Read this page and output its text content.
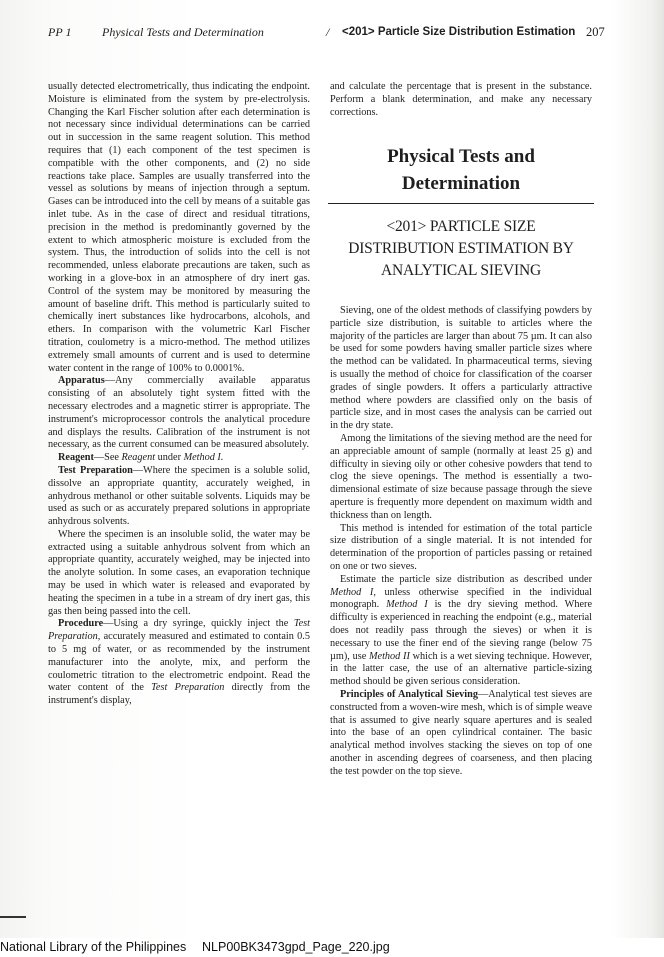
PP 1	Physical Tests and Determination	/ <201> Particle Size Distribution Estimation 207

usually detected electrometrically, thus indicating the endpoint. Moisture is eliminated from the system by pre-electrolysis. Changing the Karl Fischer solution after each determination is not necessary since individual determinations can be carried out in succession in the same reagent solution. This method requires that (1) each component of the test specimen is compatible with the other components, and (2) no side reactions take place. Samples are usually transferred into the vessel as solutions by means of injection through a septum. Gases can be introduced into the cell by means of a suitable gas inlet tube. As in the case of direct and residual titrations, precision in the method is predominantly governed by the extent to which atmospheric moisture is excluded from the system. Thus, the introduction of solids into the cell is not recommended, unless elaborate precautions are taken, such as working in a glove-box in an atmosphere of dry inert gas. Control of the system may be monitored by measuring the amount of baseline drift. This method is particularly suited to chemically inert substances like hydrocarbons, alcohols, and ethers. In comparison with the volumetric Karl Fischer titration, coulometry is a micro-method. The method utilizes extremely small amounts of current and is used to determine water content in the range of 100% to 0.0001%.

Apparatus—Any commercially available apparatus consisting of an absolutely tight system fitted with the necessary electrodes and a magnetic stirrer is appropriate. The instrument's microprocessor controls the analytical procedure and displays the results. Calibration of the instrument is not necessary, as the current consumed can be measured absolutely.

Reagent—See Reagent under Method I.

Test Preparation—Where the specimen is a soluble solid, dissolve an appropriate quantity, accurately weighed, in anhydrous methanol or other suitable solvents. Liquids may be used as such or as accurately prepared solutions in appropriate anhydrous solvents.

Where the specimen is an insoluble solid, the water may be extracted using a suitable anhydrous solvent from which an appropriate quantity, accurately weighed, may be injected into the anolyte solution. In some cases, an evaporation technique may be used in which water is released and evaporated by heating the specimen in a tube in a stream of dry inert gas, this gas then being passed into the cell.

Procedure—Using a dry syringe, quickly inject the Test Preparation, accurately measured and estimated to contain 0.5 to 5 mg of water, or as recommended by the instrument manufacturer into the anolyte, mix, and perform the coulometric titration to the electrometric endpoint. Read the water content of the Test Preparation directly from the instrument's display,

and calculate the percentage that is present in the substance. Perform a blank determination, and make any necessary corrections.

Physical Tests and
Determination
<201> PARTICLE SIZE
DISTRIBUTION ESTIMATION BY
ANALYTICAL SIEVING

Sieving, one of the oldest methods of classifying powders by particle size distribution, is suitable to articles where the majority of the particles are larger than about 75 µm. It can also be used for some powders having smaller particle sizes where the method can be validated. In pharmaceutical terms, sieving is usually the method of choice for classification of the coarser grades of single powders. It offers a particularly attractive method where powders are classified only on the basis of particle size, and in most cases the analysis can be carried out in the dry state.

Among the limitations of the sieving method are the need for an appreciable amount of sample (normally at least 25 g) and difficulty in sieving oily or other cohesive powders that tend to clog the sieve openings. The method is essentially a two-dimensional estimate of size because passage through the sieve aperture is frequently more dependent on maximum width and thickness than on length.

This method is intended for estimation of the total particle size distribution of a single material. It is not intended for determination of the proportion of particles passing or retained on one or two sieves.

Estimate the particle size distribution as described under Method I, unless otherwise specified in the individual monograph. Method I is the dry sieving method. Where difficulty is experienced in reaching the endpoint (e.g., material does not readily pass through the sieves) or when it is necessary to use the finer end of the sieving range (below 75 µm), use Method II which is a wet sieving technique. However, in the latter case, the use of an alternative particle-sizing method should be given serious consideration.

Principles of Analytical Sieving—Analytical test sieves are constructed from a woven-wire mesh, which is of simple weave that is assumed to give nearly square apertures and is sealed into the base of an open cylindrical container. The basic analytical method involves stacking the sieves on top of one another in ascending degrees of coarseness, and then placing the test powder on the top sieve.

National Library of the Philippines NLP00BK3473gpd_Page_220.jpg
